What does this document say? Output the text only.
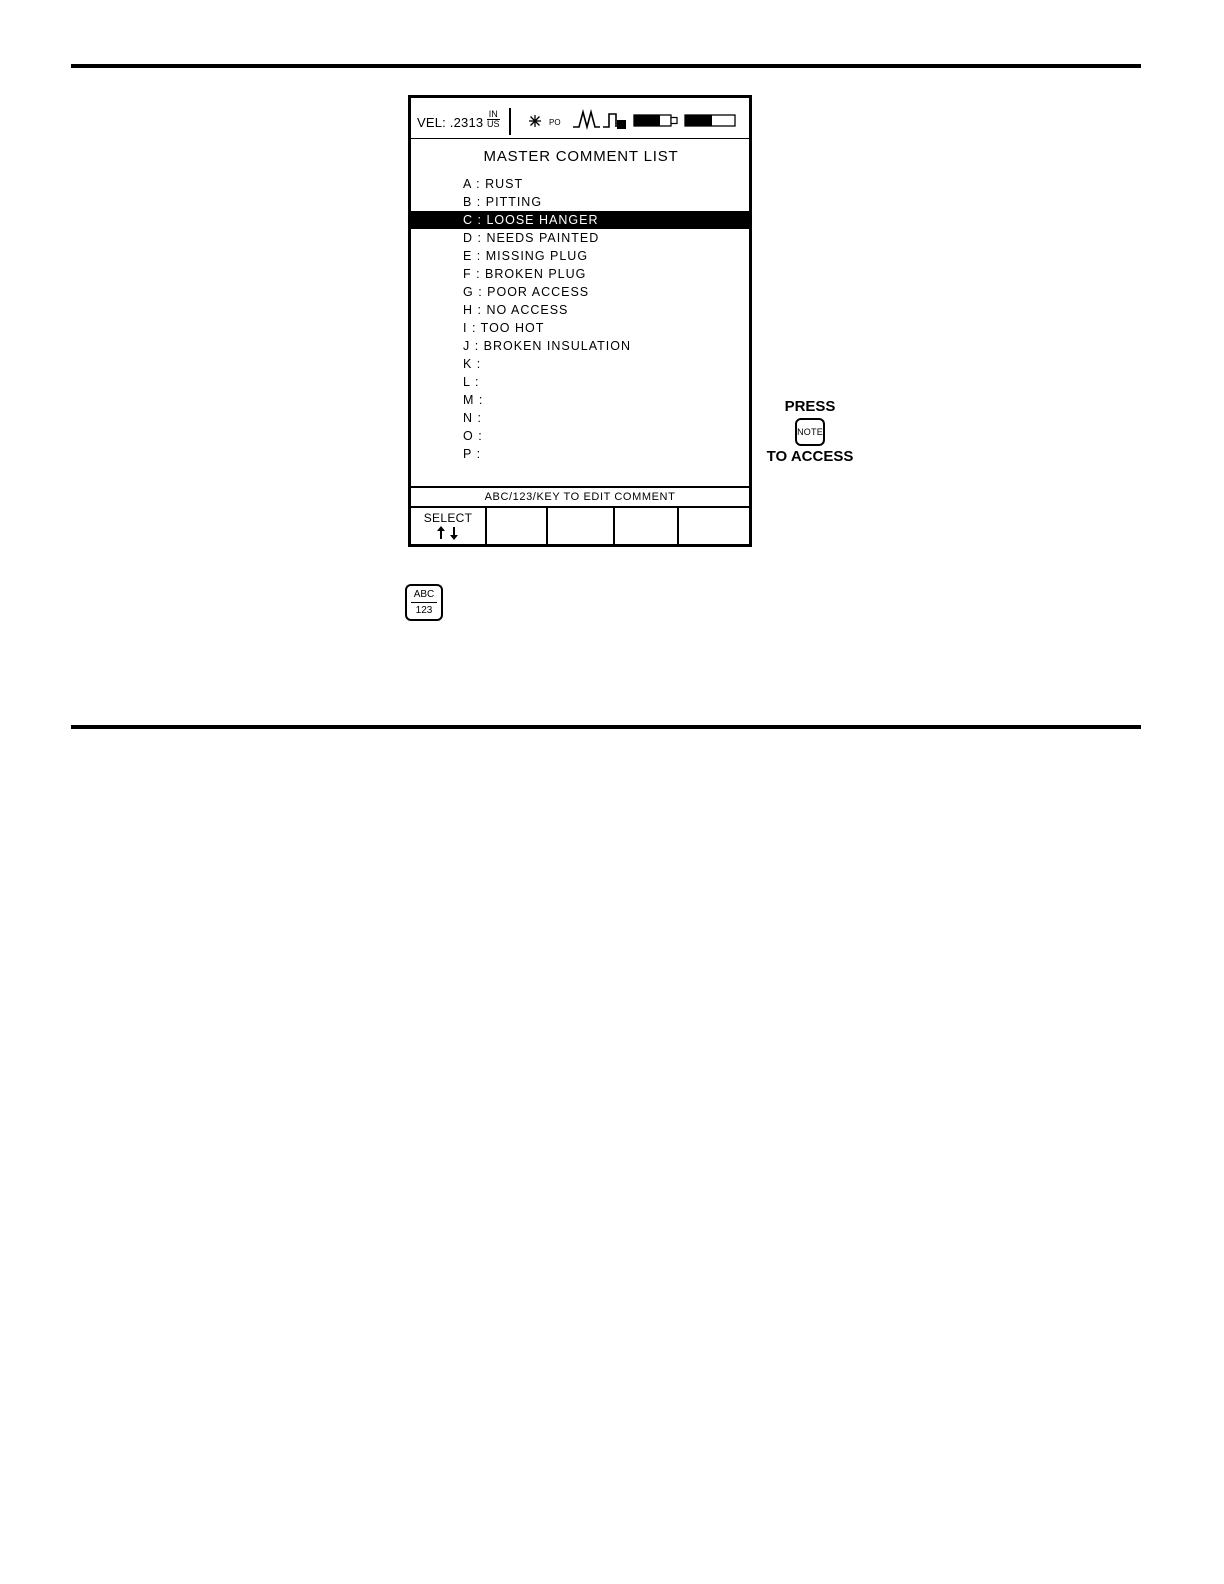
VEL: .2313
IN
US	PO
MASTER COMMENT LIST
A : RUST
B : PITTING
C : LOOSE HANGER
D : NEEDS PAINTED
E : MISSING PLUG
F : BROKEN PLUG
G : POOR ACCESS
H : NO ACCESS
I : TOO HOT
J : BROKEN INSULATION
K :
L :
M :
N :
O :
P :
ABC/123/KEY TO EDIT COMMENT
SELECT
PRESS
NOTE
TO ACCESS
ABC
123
